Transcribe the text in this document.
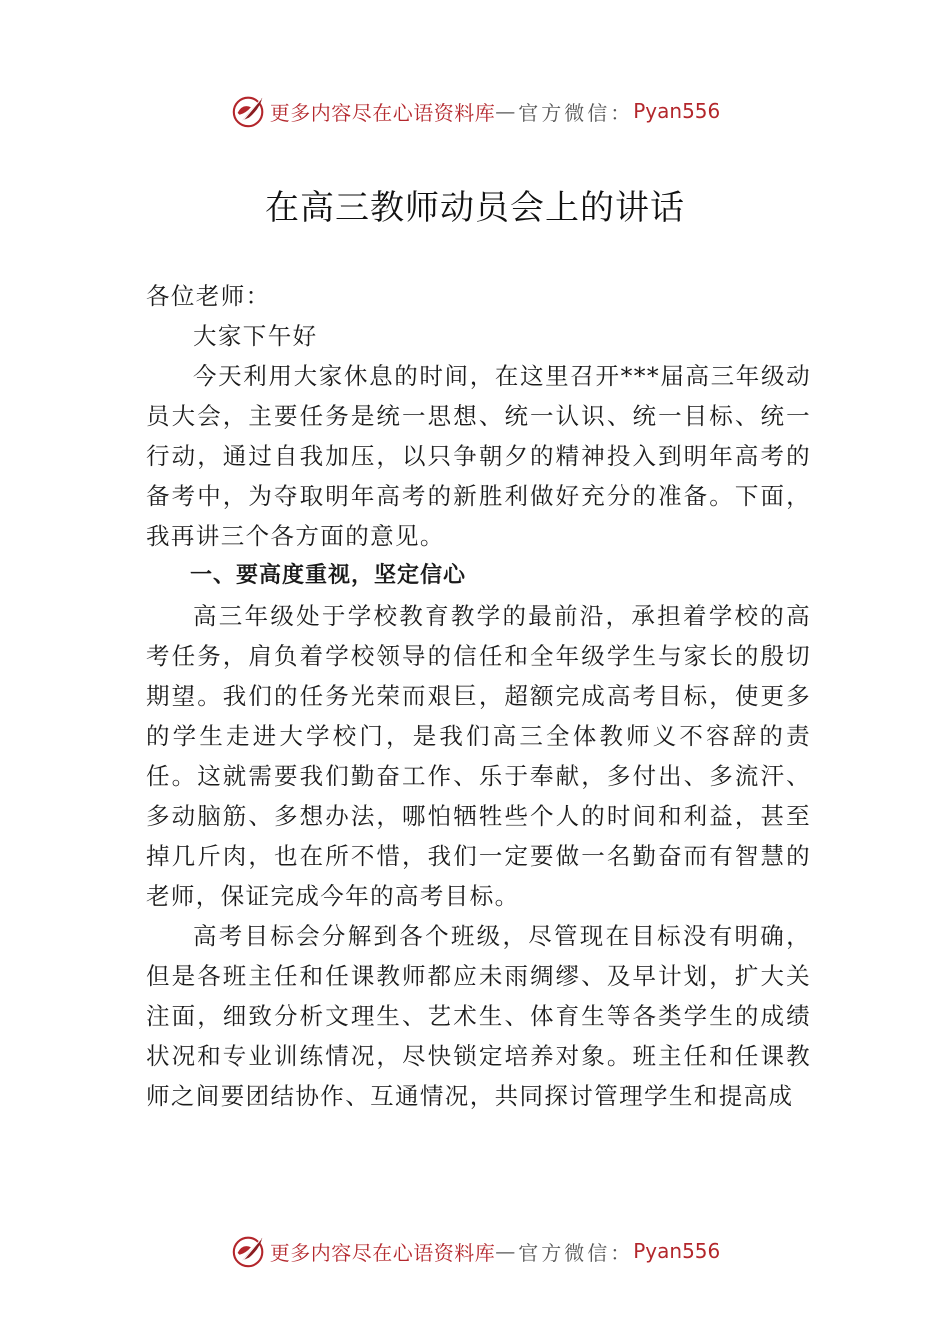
更多内容尽在心语资料库 — 官方微信： Pyan556
在高三教师动员会上的讲话

各位老师：

大家下午好

今天利用大家休息的时间，在这里召开***届高三年级动员大会，主要任务是统一思想、统一认识、统一目标、统一行动，通过自我加压，以只争朝夕的精神投入到明年高考的备考中，为夺取明年高考的新胜利做好充分的准备。下面，我再讲三个各方面的意见。

一、要高度重视，坚定信心

高三年级处于学校教育教学的最前沿，承担着学校的高考任务，肩负着学校领导的信任和全年级学生与家长的殷切期望。我们的任务光荣而艰巨，超额完成高考目标，使更多的学生走进大学校门，是我们高三全体教师义不容辞的责任。这就需要我们勤奋工作、乐于奉献，多付出、多流汗、多动脑筋、多想办法，哪怕牺牲些个人的时间和利益，甚至掉几斤肉，也在所不惜，我们一定要做一名勤奋而有智慧的老师，保证完成今年的高考目标。

高考目标会分解到各个班级，尽管现在目标没有明确，但是各班主任和任课教师都应未雨绸缪、及早计划，扩大关注面，细致分析文理生、艺术生、体育生等各类学生的成绩状况和专业训练情况，尽快锁定培养对象。班主任和任课教师之间要团结协作、互通情况，共同探讨管理学生和提高成

更多内容尽在心语资料库 — 官方微信： Pyan556
